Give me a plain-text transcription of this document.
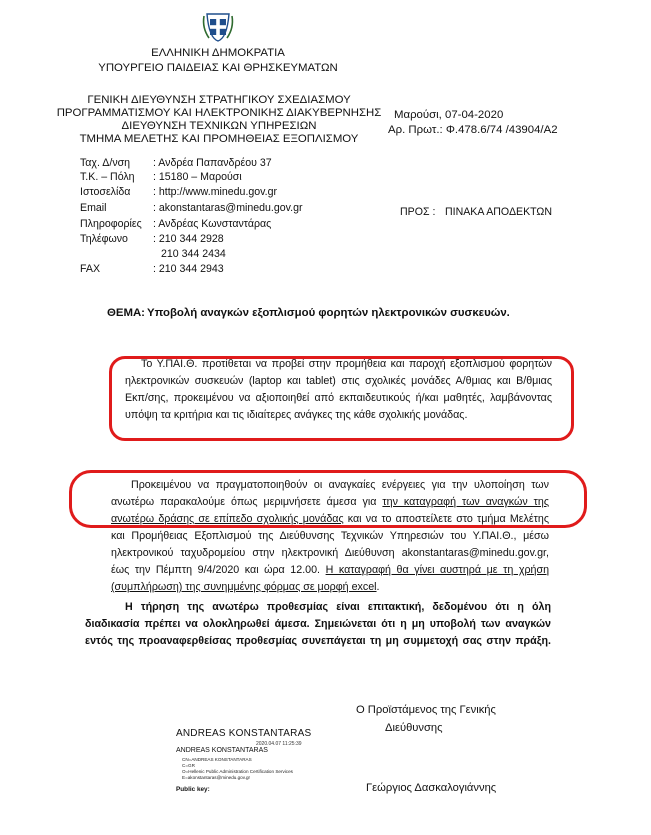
ΕΛΛΗΝΙΚΗ ΔΗΜΟΚΡΑΤΙΑ
ΥΠΟΥΡΓΕΙΟ ΠΑΙΔΕΙΑΣ ΚΑΙ ΘΡΗΣΚΕΥΜΑΤΩΝ
ΓΕΝΙΚΗ ΔΙΕΥΘΥΝΣΗ ΣΤΡΑΤΗΓΙΚΟΥ ΣΧΕΔΙΑΣΜΟΥ
ΠΡΟΓΡΑΜΜΑΤΙΣΜΟΥ ΚΑΙ ΗΛΕΚΤΡΟΝΙΚΗΣ ΔΙΑΚΥΒΕΡΝΗΣΗΣ
ΔΙΕΥΘΥΝΣΗ ΤΕΧΝΙΚΩΝ ΥΠΗΡΕΣΙΩΝ
ΤΜΗΜΑ ΜΕΛΕΤΗΣ ΚΑΙ ΠΡΟΜΗΘΕΙΑΣ ΕΞΟΠΛΙΣΜΟΥ
Μαρούσι, 07-04-2020
Αρ. Πρωτ.: Φ.478.6/74 /43904/Α2
Ταχ. Δ/νση : Ανδρέα Παπανδρέου 37
Τ.Κ. – Πόλη : 15180 – Μαρούσι
Ιστοσελίδα : http://www.minedu.gov.gr
Email	: akonstantaras@minedu.gov.gr
Πληροφορίες : Ανδρέας Κωνσταντάρας
Τηλέφωνο : 210 344 2928
210 344 2434
FAX	: 210 344 2943
ΠΡΟΣ : ΠΙΝΑΚΑ ΑΠΟΔΕΚΤΩΝ
ΘΕΜΑ: Υποβολή αναγκών εξοπλισμού φορητών ηλεκτρονικών συσκευών.
Το Υ.ΠΑΙ.Θ. προτίθεται να προβεί στην προμήθεια και παροχή εξοπλισμού φορητών
ηλεκτρονικών συσκευών (laptop και tablet) στις σχολικές μονάδες Α/θμιας και Β/θμιας
Εκπ/σης, προκειμένου να αξιοποιηθεί από εκπαιδευτικούς ή/και μαθητές, λαμβάνοντας
υπόψη τα κριτήρια και τις ιδιαίτερες ανάγκες της κάθε σχολικής μονάδας.
Προκειμένου να πραγματοποιηθούν οι αναγκαίες ενέργειες για την υλοποίηση των
ανωτέρω παρακαλούμε όπως μεριμνήσετε άμεσα για την καταγραφή των αναγκών της
ανωτέρω δράσης σε επίπεδο σχολικής μονάδας και να το αποστείλετε στο τμήμα Μελέτης
και Προμήθειας Εξοπλισμού της Διεύθυνσης Τεχνικών Υπηρεσιών του Υ.ΠΑΙ.Θ., μέσω
ηλεκτρονικού ταχυδρομείου στην ηλεκτρονική Διεύθυνση akonstantaras@minedu.gov.gr,
έως την Πέμπτη 9/4/2020 και ώρα 12.00. Η καταγραφή θα γίνει αυστηρά με τη χρήση
(συμπλήρωση) της συνημμένης φόρμας σε μορφή excel.
Η τήρηση της ανωτέρω προθεσμίας είναι επιτακτική, δεδομένου ότι η όλη
διαδικασία πρέπει να ολοκληρωθεί άμεσα. Σημειώνεται ότι η μη υποβολή των αναγκών
εντός της προαναφερθείσας προθεσμίας συνεπάγεται τη μη συμμετοχή σας στην πράξη.
Ο Προϊστάμενος της Γενικής
Διεύθυνσης
Γεώργιος Δασκαλογιάννης
ANDREAS KONSTANTARAS
2020.04.07 11:25:39
ANDREAS KONSTANTARAS
CN=ANDREAS KONSTANTARAS
C=GR
O=Hellenic Public Administration Certification Services
E=akonstantaras@minedu.gov.gr
Public key:
